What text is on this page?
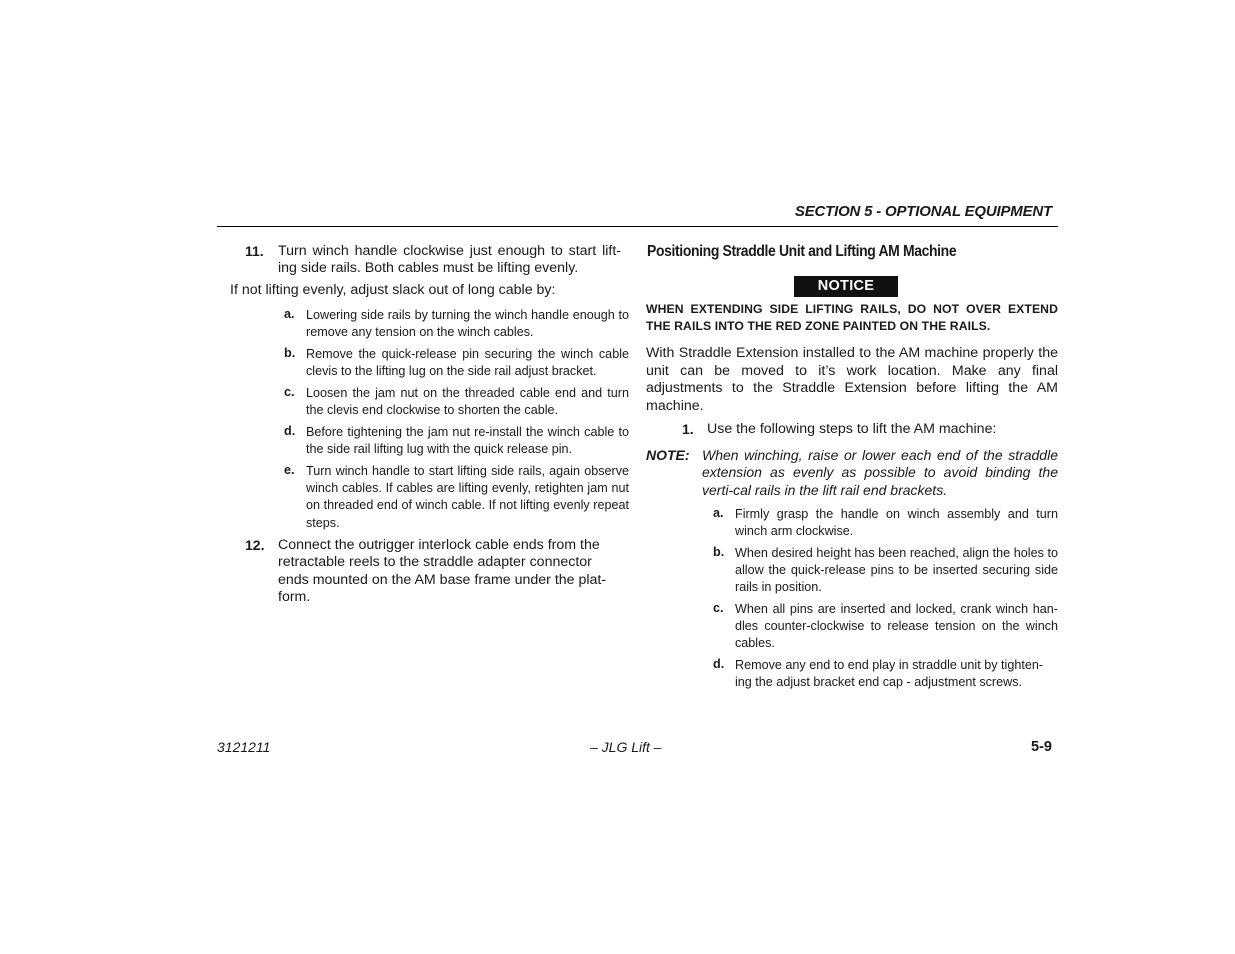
SECTION 5 - OPTIONAL EQUIPMENT
11. Turn winch handle clockwise just enough to start lift-ing side rails. Both cables must be lifting evenly.
If not lifting evenly, adjust slack out of long cable by:
a. Lowering side rails by turning the winch handle enough to remove any tension on the winch cables.
b. Remove the quick-release pin securing the winch cable clevis to the lifting lug on the side rail adjust bracket.
c. Loosen the jam nut on the threaded cable end and turn the clevis end clockwise to shorten the cable.
d. Before tightening the jam nut re-install the winch cable to the side rail lifting lug with the quick release pin.
e. Turn winch handle to start lifting side rails, again observe winch cables. If cables are lifting evenly, retighten jam nut on threaded end of winch cable. If not lifting evenly repeat steps.
12. Connect the outrigger interlock cable ends from the retractable reels to the straddle adapter connector ends mounted on the AM base frame under the plat-form.
Positioning Straddle Unit and Lifting AM Machine
NOTICE
WHEN EXTENDING SIDE LIFTING RAILS, DO NOT OVER EXTEND THE RAILS INTO THE RED ZONE PAINTED ON THE RAILS.
With Straddle Extension installed to the AM machine properly the unit can be moved to it’s work location. Make any final adjustments to the Straddle Extension before lifting the AM machine.
1. Use the following steps to lift the AM machine:
NOTE: When winching, raise or lower each end of the straddle extension as evenly as possible to avoid binding the verti-cal rails in the lift rail end brackets.
a. Firmly grasp the handle on winch assembly and turn winch arm clockwise.
b. When desired height has been reached, align the holes to allow the quick-release pins to be inserted securing side rails in position.
c. When all pins are inserted and locked, crank winch han-dles counter-clockwise to release tension on the winch cables.
d. Remove any end to end play in straddle unit by tighten-ing the adjust bracket end cap - adjustment screws.
3121211	– JLG Lift –	5-9
